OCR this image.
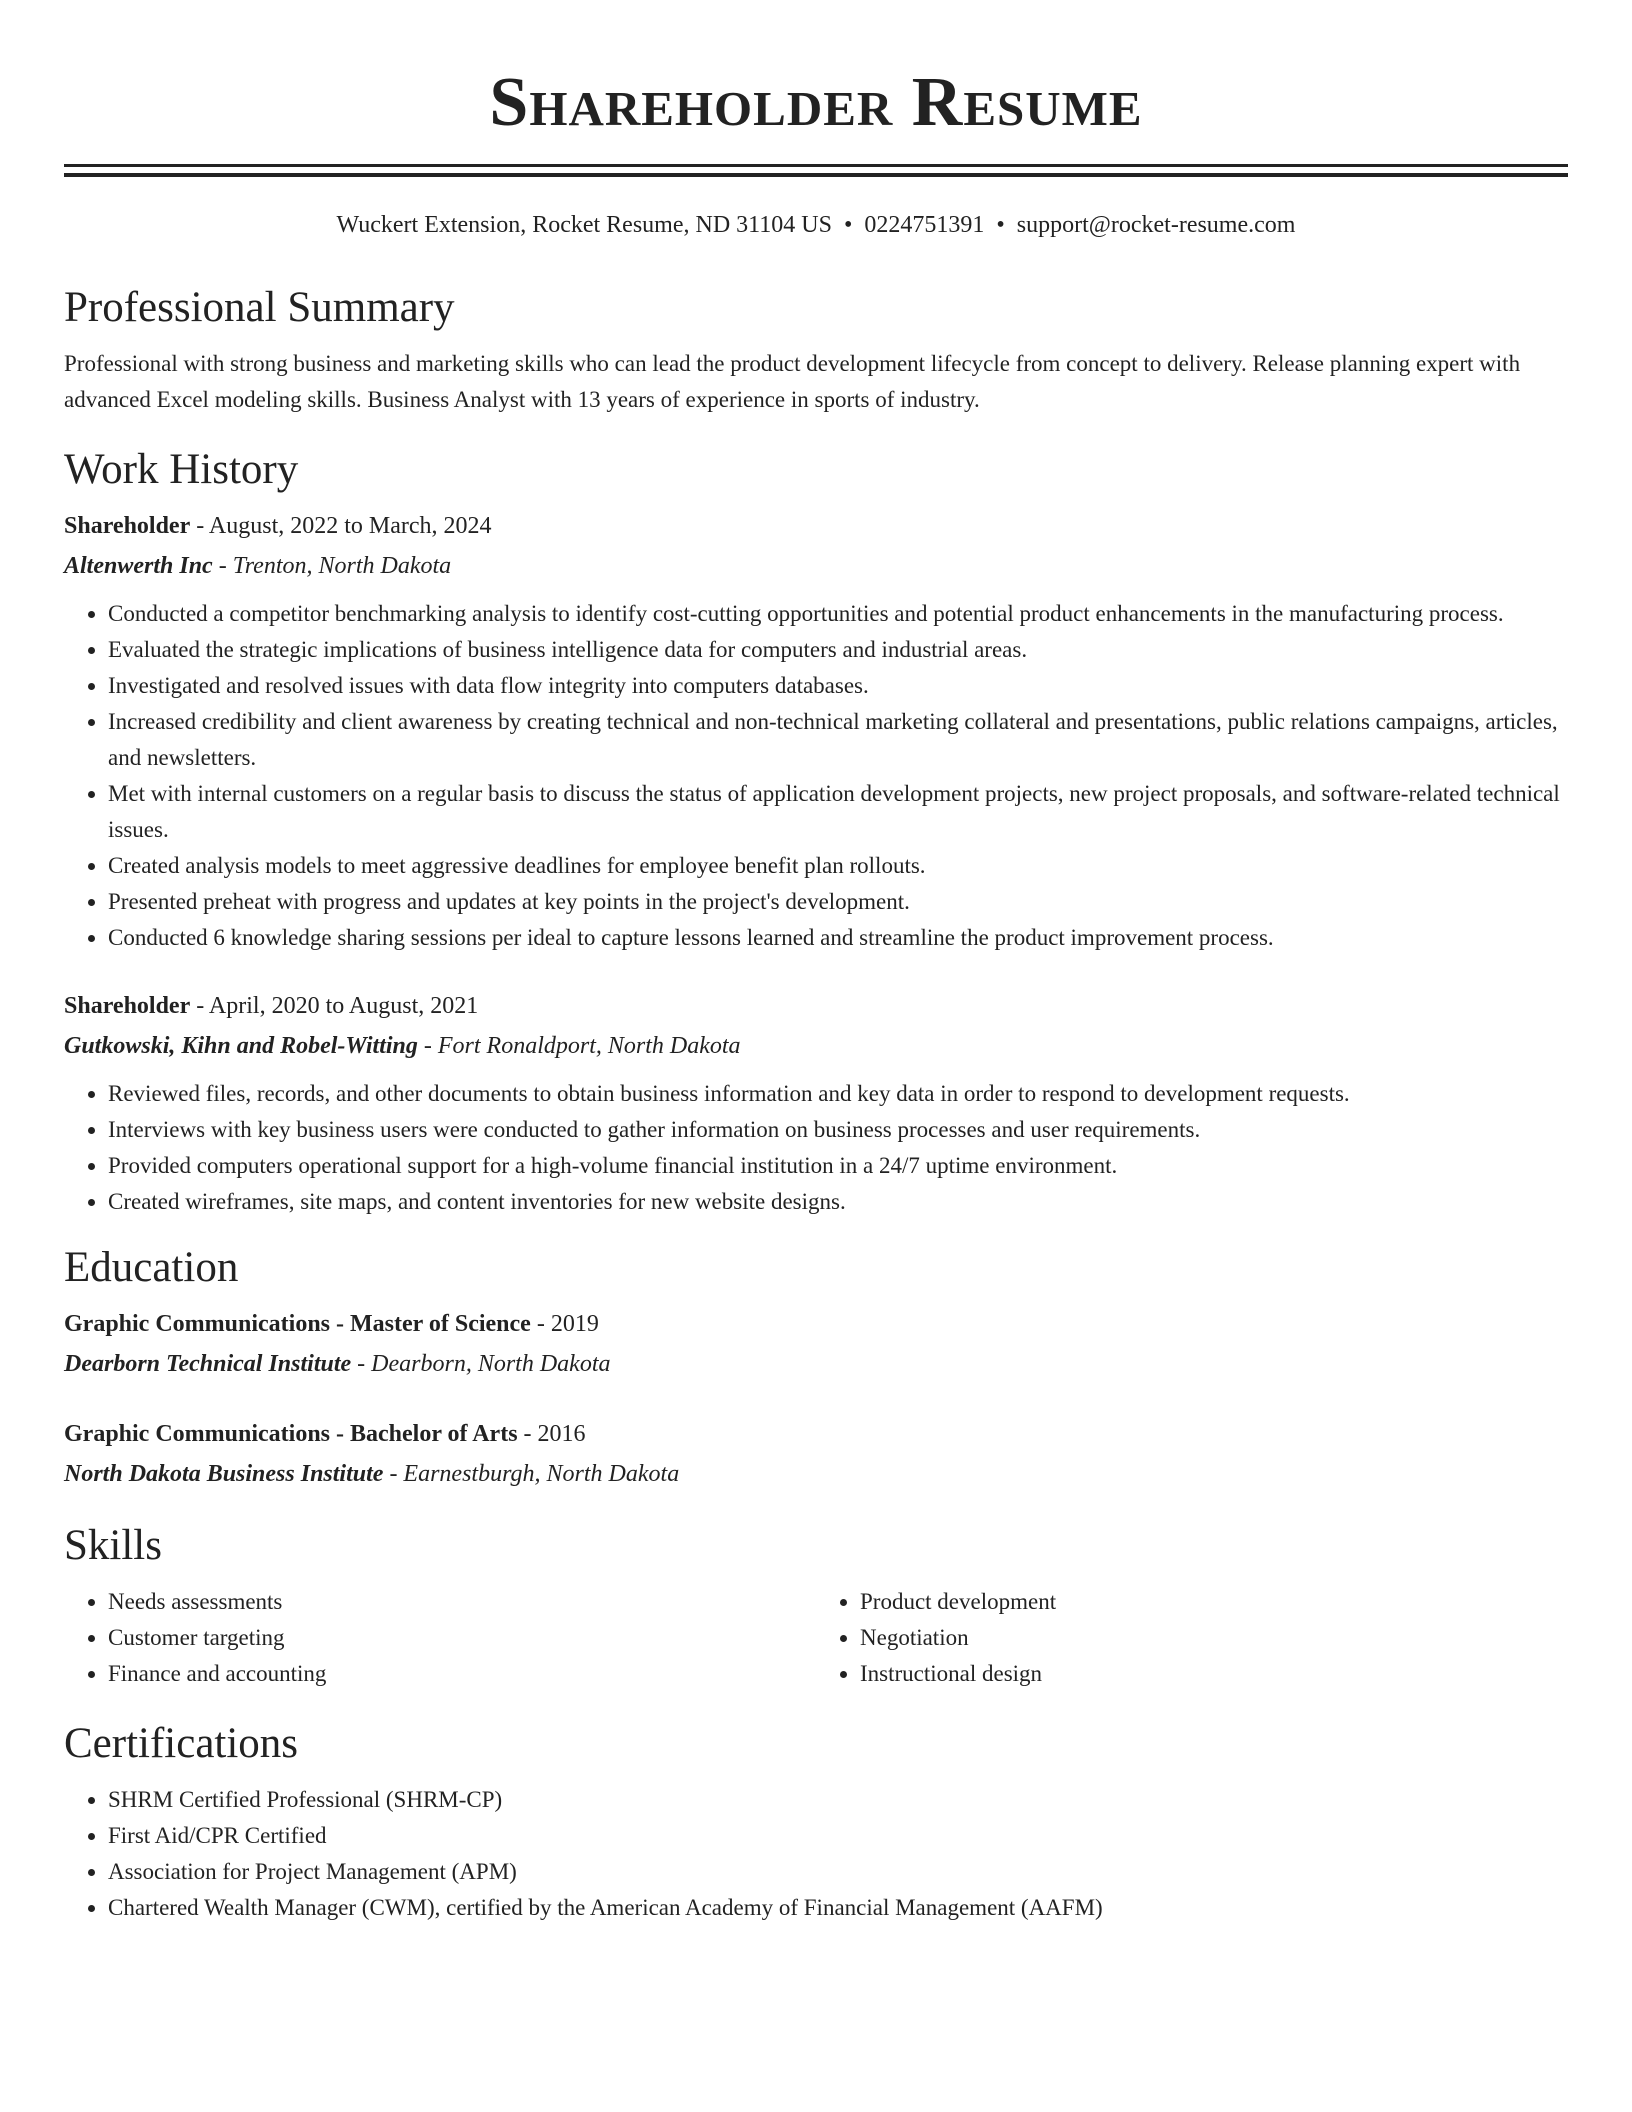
Shareholder Resume
Wuckert Extension, Rocket Resume, ND 31104 US • 0224751391 • support@rocket-resume.com
Professional Summary

Professional with strong business and marketing skills who can lead the product development lifecycle from concept to delivery. Release planning expert with advanced Excel modeling skills. Business Analyst with 13 years of experience in sports of industry.

Work History
Shareholder - August, 2022 to March, 2024
Altenwerth Inc - Trenton, North Dakota
• Conducted a competitor benchmarking analysis to identify cost-cutting opportunities and potential product enhancements in the manufacturing process.
• Evaluated the strategic implications of business intelligence data for computers and industrial areas.
• Investigated and resolved issues with data flow integrity into computers databases.
• Increased credibility and client awareness by creating technical and non-technical marketing collateral and presentations, public relations campaigns, articles, and newsletters.
• Met with internal customers on a regular basis to discuss the status of application development projects, new project proposals, and software-related technical issues.
• Created analysis models to meet aggressive deadlines for employee benefit plan rollouts.
• Presented preheat with progress and updates at key points in the project's development.
• Conducted 6 knowledge sharing sessions per ideal to capture lessons learned and streamline the product improvement process.
Shareholder - April, 2020 to August, 2021
Gutkowski, Kihn and Robel-Witting - Fort Ronaldport, North Dakota
• Reviewed files, records, and other documents to obtain business information and key data in order to respond to development requests.
• Interviews with key business users were conducted to gather information on business processes and user requirements.
• Provided computers operational support for a high-volume financial institution in a 24/7 uptime environment.
• Created wireframes, site maps, and content inventories for new website designs.
Education
Graphic Communications - Master of Science - 2019
Dearborn Technical Institute - Dearborn, North Dakota
Graphic Communications - Bachelor of Arts - 2016
North Dakota Business Institute - Earnestburgh, North Dakota
Skills
• Needs assessments
• Customer targeting
• Finance and accounting
• Product development
• Negotiation
• Instructional design
Certifications
• SHRM Certified Professional (SHRM-CP)
• First Aid/CPR Certified
• Association for Project Management (APM)
• Chartered Wealth Manager (CWM), certified by the American Academy of Financial Management (AAFM)
